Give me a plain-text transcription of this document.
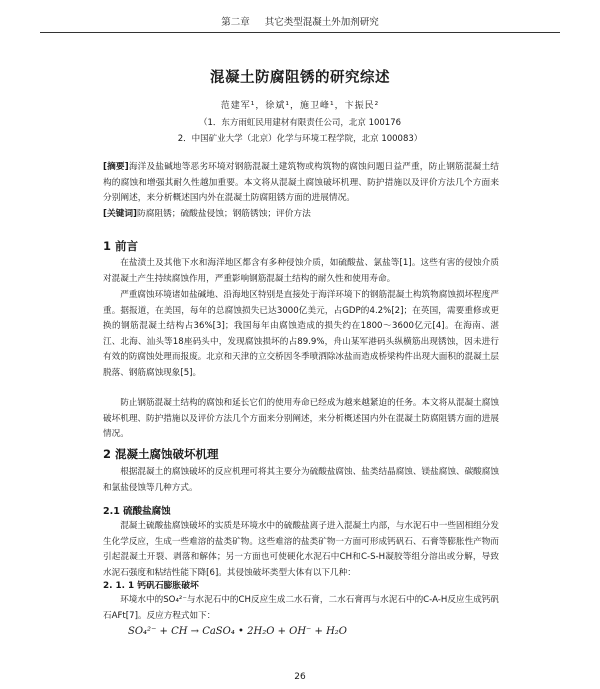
第二章 其它类型混凝土外加剂研究
混凝土防腐阻锈的研究综述
范建军¹，徐斌¹，施卫峰¹，卞振民²
（1．东方雨虹民用建材有限责任公司，北京 100176
2．中国矿业大学（北京）化学与环境工程学院，北京 100083）
[摘要]海洋及盐碱地等恶劣环境对钢筋混凝土建筑物或构筑物的腐蚀问题日益严重，防止钢筋混凝土结构的腐蚀和增强其耐久性越加重要。本文将从混凝土腐蚀破坏机理、防护措施以及评价方法几个方面来分别阐述，来分析概述国内外在混凝土防腐阻锈方面的进展情况。
[关键词]防腐阻锈；硫酸盐侵蚀；钢筋锈蚀；评价方法
1 前言
在盐渍土及其他下水和海洋地区都含有多种侵蚀介质，如硫酸盐、氯盐等[1]。这些有害的侵蚀介质对混凝土产生持续腐蚀作用，严重影响钢筋混凝土结构的耐久性和使用寿命。
严重腐蚀环境诸如盐碱地、沿海地区特别是直接处于海洋环境下的钢筋混凝土构筑物腐蚀损坏程度严重。据报道，在美国，每年的总腐蚀损失已达3000亿美元，占GDP的4.2%[2]；在英国，需要重修或更换的钢筋混凝土结构占36%[3]；我国每年由腐蚀造成的损失约在1800～3600亿元[4]。在海南、湛江、北海、汕头等18座码头中，发现腐蚀损坏的占89.9%，舟山某军港码头纵横筋出现锈蚀，因未进行有效的防腐蚀处理而报废。北京和天津的立交桥因冬季喷洒除冰盐而造成桥梁构件出现大面积的混凝土层脱落、钢筋腐蚀现象[5]。
防止钢筋混凝土结构的腐蚀和延长它们的使用寿命已经成为越来越紧迫的任务。本文将从混凝土腐蚀破坏机理、防护措施以及评价方法几个方面来分别阐述，来分析概述国内外在混凝土防腐阻锈方面的进展情况。
2 混凝土腐蚀破坏机理
根据混凝土的腐蚀破坏的反应机理可将其主要分为硫酸盐腐蚀、盐类结晶腐蚀、镁盐腐蚀、碳酸腐蚀和氯盐侵蚀等几种方式。
2.1 硫酸盐腐蚀
混凝土硫酸盐腐蚀破坏的实质是环境水中的硫酸盐离子进入混凝土内部，与水泥石中一些固相组分发生化学反应，生成一些难溶的盐类矿物。这些难溶的盐类矿物一方面可形成钙矾石、石膏等膨胀性产物而引起混凝土开裂、剥落和解体；另一方面也可使硬化水泥石中CH和C-S-H凝胶等组分溶出或分解，导致水泥石强度和粘结性能下降[6]。其侵蚀破坏类型大体有以下几种：
2. 1. 1 钙矾石膨胀破坏
环境水中的SO₄²⁻与水泥石中的CH反应生成二水石膏，二水石膏再与水泥石中的C-A-H反应生成钙矾石AFt[7]。反应方程式如下：
SO₄²⁻ + CH → CaSO₄ • 2H₂O + OH⁻ + H₂O
26
